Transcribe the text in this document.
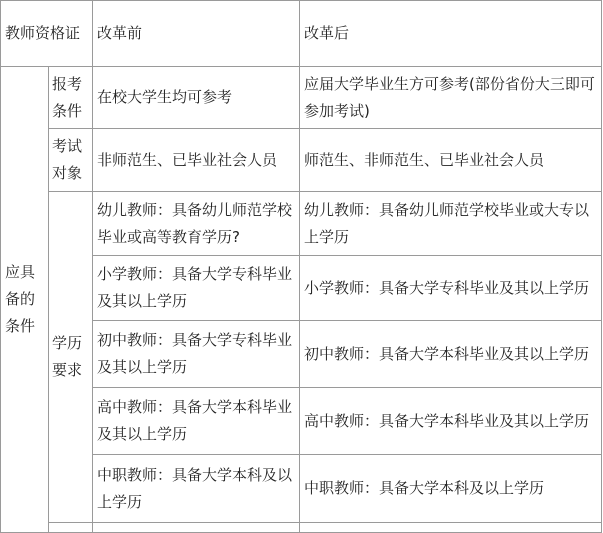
教师资格证		改革前	改革后
应具备的条件	报考条件	在校大学生均可参考	应届大学毕业生方可参考(部份省份大三即可参加考试)
	考试对象	非师范生、已毕业社会人员	师范生、非师范生、已毕业社会人员
	学历要求	幼儿教师：具备幼儿师范学校毕业或高等教育学历?	幼儿教师：具备幼儿师范学校毕业或大专以上学历
		小学教师：具备大学专科毕业及其以上学历	小学教师：具备大学专科毕业及其以上学历
		初中教师：具备大学专科毕业及其以上学历	初中教师：具备大学本科毕业及其以上学历
		高中教师：具备大学本科毕业及其以上学历	高中教师：具备大学本科毕业及其以上学历
		中职教师：具备大学本科及以上学历	中职教师：具备大学本科及以上学历
